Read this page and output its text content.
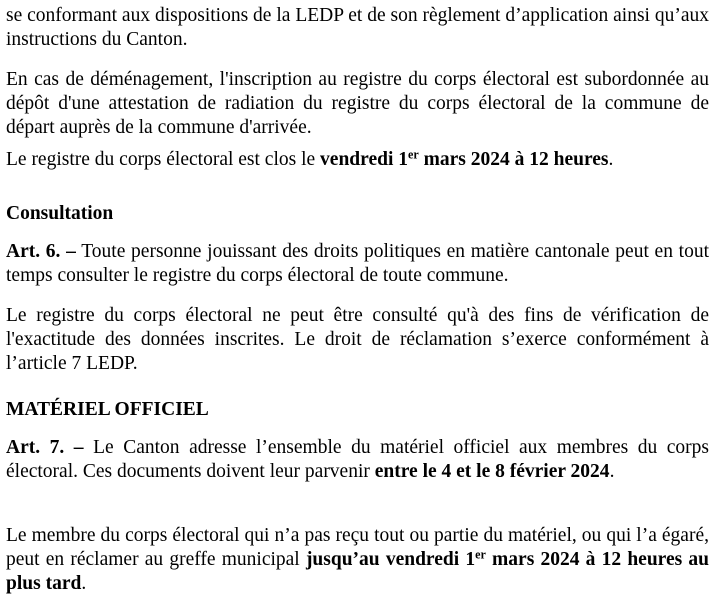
se conformant aux dispositions de la LEDP et de son règlement d’application ainsi qu’aux instructions du Canton.

En cas de déménagement, l'inscription au registre du corps électoral est subordonnée au dépôt d'une attestation de radiation du registre du corps électoral de la commune de départ auprès de la commune d'arrivée.

Le registre du corps électoral est clos le vendredi 1er mars 2024 à 12 heures.

Consultation

Art. 6. – Toute personne jouissant des droits politiques en matière cantonale peut en tout temps consulter le registre du corps électoral de toute commune.

Le registre du corps électoral ne peut être consulté qu'à des fins de vérification de l'exactitude des données inscrites. Le droit de réclamation s’exerce conformément à l’article 7 LEDP.

MATÉRIEL OFFICIEL

Art. 7. – Le Canton adresse l’ensemble du matériel officiel aux membres du corps électoral. Ces documents doivent leur parvenir entre le 4 et le 8 février 2024.

Le membre du corps électoral qui n’a pas reçu tout ou partie du matériel, ou qui l’a égaré, peut en réclamer au greffe municipal jusqu’au vendredi 1er mars 2024 à 12 heures au plus tard.
